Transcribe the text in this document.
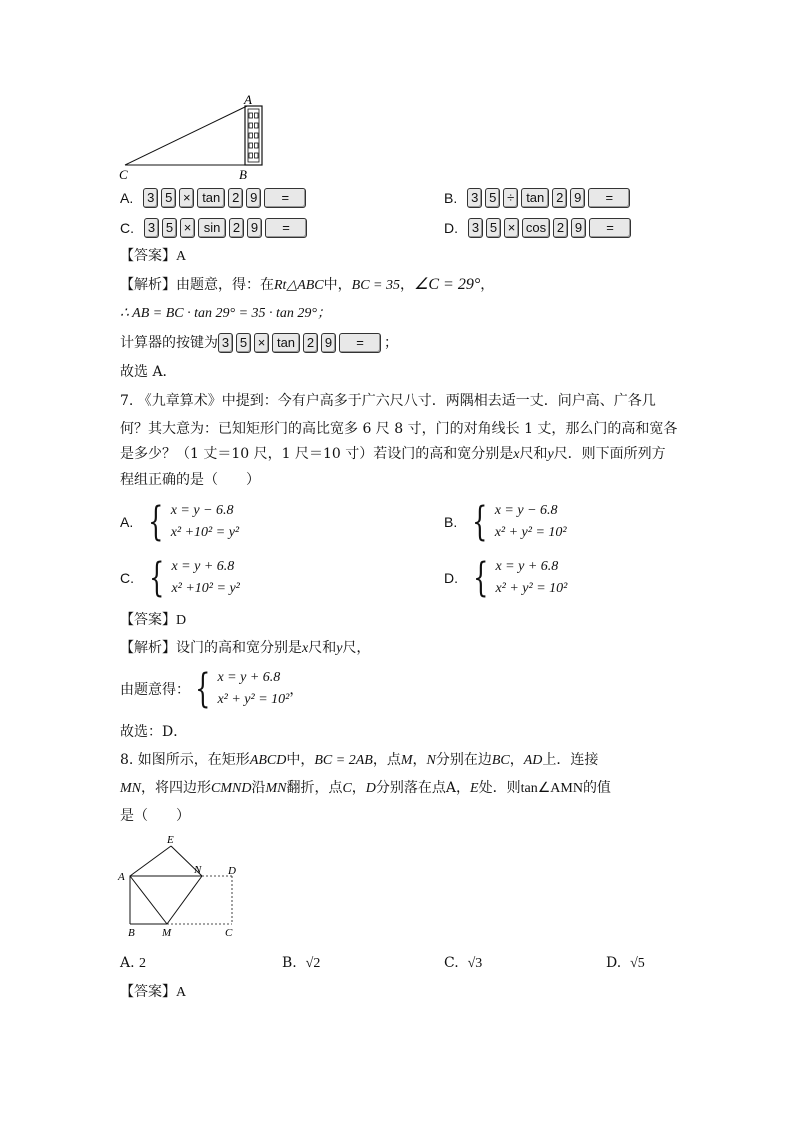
A
C	B
A. 3 5 × tan 2 9	=	B. 3 5 ÷ tan 2 9	=
C. 3 5 × sin 2 9	=	D. 3 5 × cos 2 9	=
【答案】A
【解析】由题意，得：在Rt△ABC中，BC = 35，∠C = 29°，
∴ AB = BC · tan 29° = 35 · tan 29°；
计算器的按键为 3 5 × tan 2 9	=	；
故选 A．
7. 《九章算术》中提到：今有户高多于广六尺八寸．两隅相去适一丈．问户高、广各几
何？其大意为：已知矩形门的高比宽多 6 尺 8 寸，门的对角线长 1 丈，那么门的高和宽各
是多少？（1 丈＝10 尺，1 尺＝10 寸）若设门的高和宽分别是x尺和y尺．则下面所列方
程组正确的是（　　）
A. { x = y − 6.8
x² +10² = y²
B. { x = y − 6.8
x² + y² = 10²
C. { x = y + 6.8
x² +10² = y²
D. { x = y + 6.8
x² + y² = 10²
【答案】D
【解析】设门的高和宽分别是x尺和y尺，
由题意得： { x = y + 6.8
x² + y² = 10²
，
故选：D．
8. 如图所示，在矩形ABCD中，BC = 2AB，点M，N分别在边BC，AD上．连接
MN，将四边形CMND沿MN翻折，点C，D分别落在点A，E处．则tan∠AMN的值
是（　　）
A
E
N D
B M	C
A. 2	B. √2	C. √3	D. √5
【答案】A
